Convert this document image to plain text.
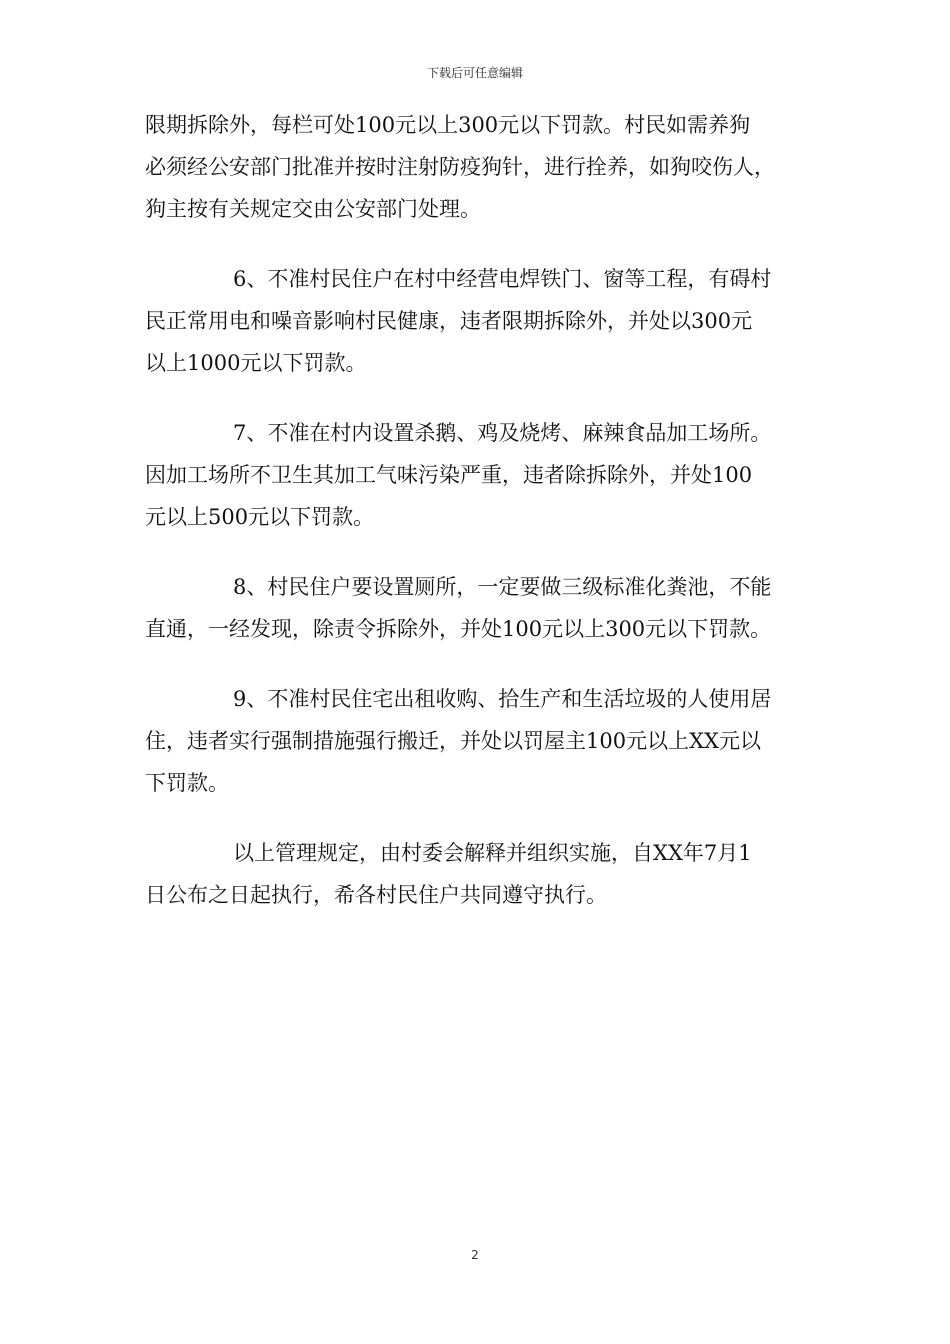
下载后可任意编辑

限期拆除外，每栏可处100元以上300元以下罚款。村民如需养狗
必须经公安部门批准并按时注射防疫狗针，进行拴养，如狗咬伤人，
狗主按有关规定交由公安部门处理。

6、不准村民住户在村中经营电焊铁门、窗等工程，有碍村
民正常用电和噪音影响村民健康，违者限期拆除外，并处以300元
以上1000元以下罚款。

7、不准在村内设置杀鹅、鸡及烧烤、麻辣食品加工场所。
因加工场所不卫生其加工气味污染严重，违者除拆除外，并处100
元以上500元以下罚款。

8、村民住户要设置厕所，一定要做三级标准化粪池，不能
直通，一经发现，除责令拆除外，并处100元以上300元以下罚款。

9、不准村民住宅出租收购、拾生产和生活垃圾的人使用居
住，违者实行强制措施强行搬迁，并处以罚屋主100元以上XX元以
下罚款。

以上管理规定，由村委会解释并组织实施，自XX年7月1
日公布之日起执行，希各村民住户共同遵守执行。

2
